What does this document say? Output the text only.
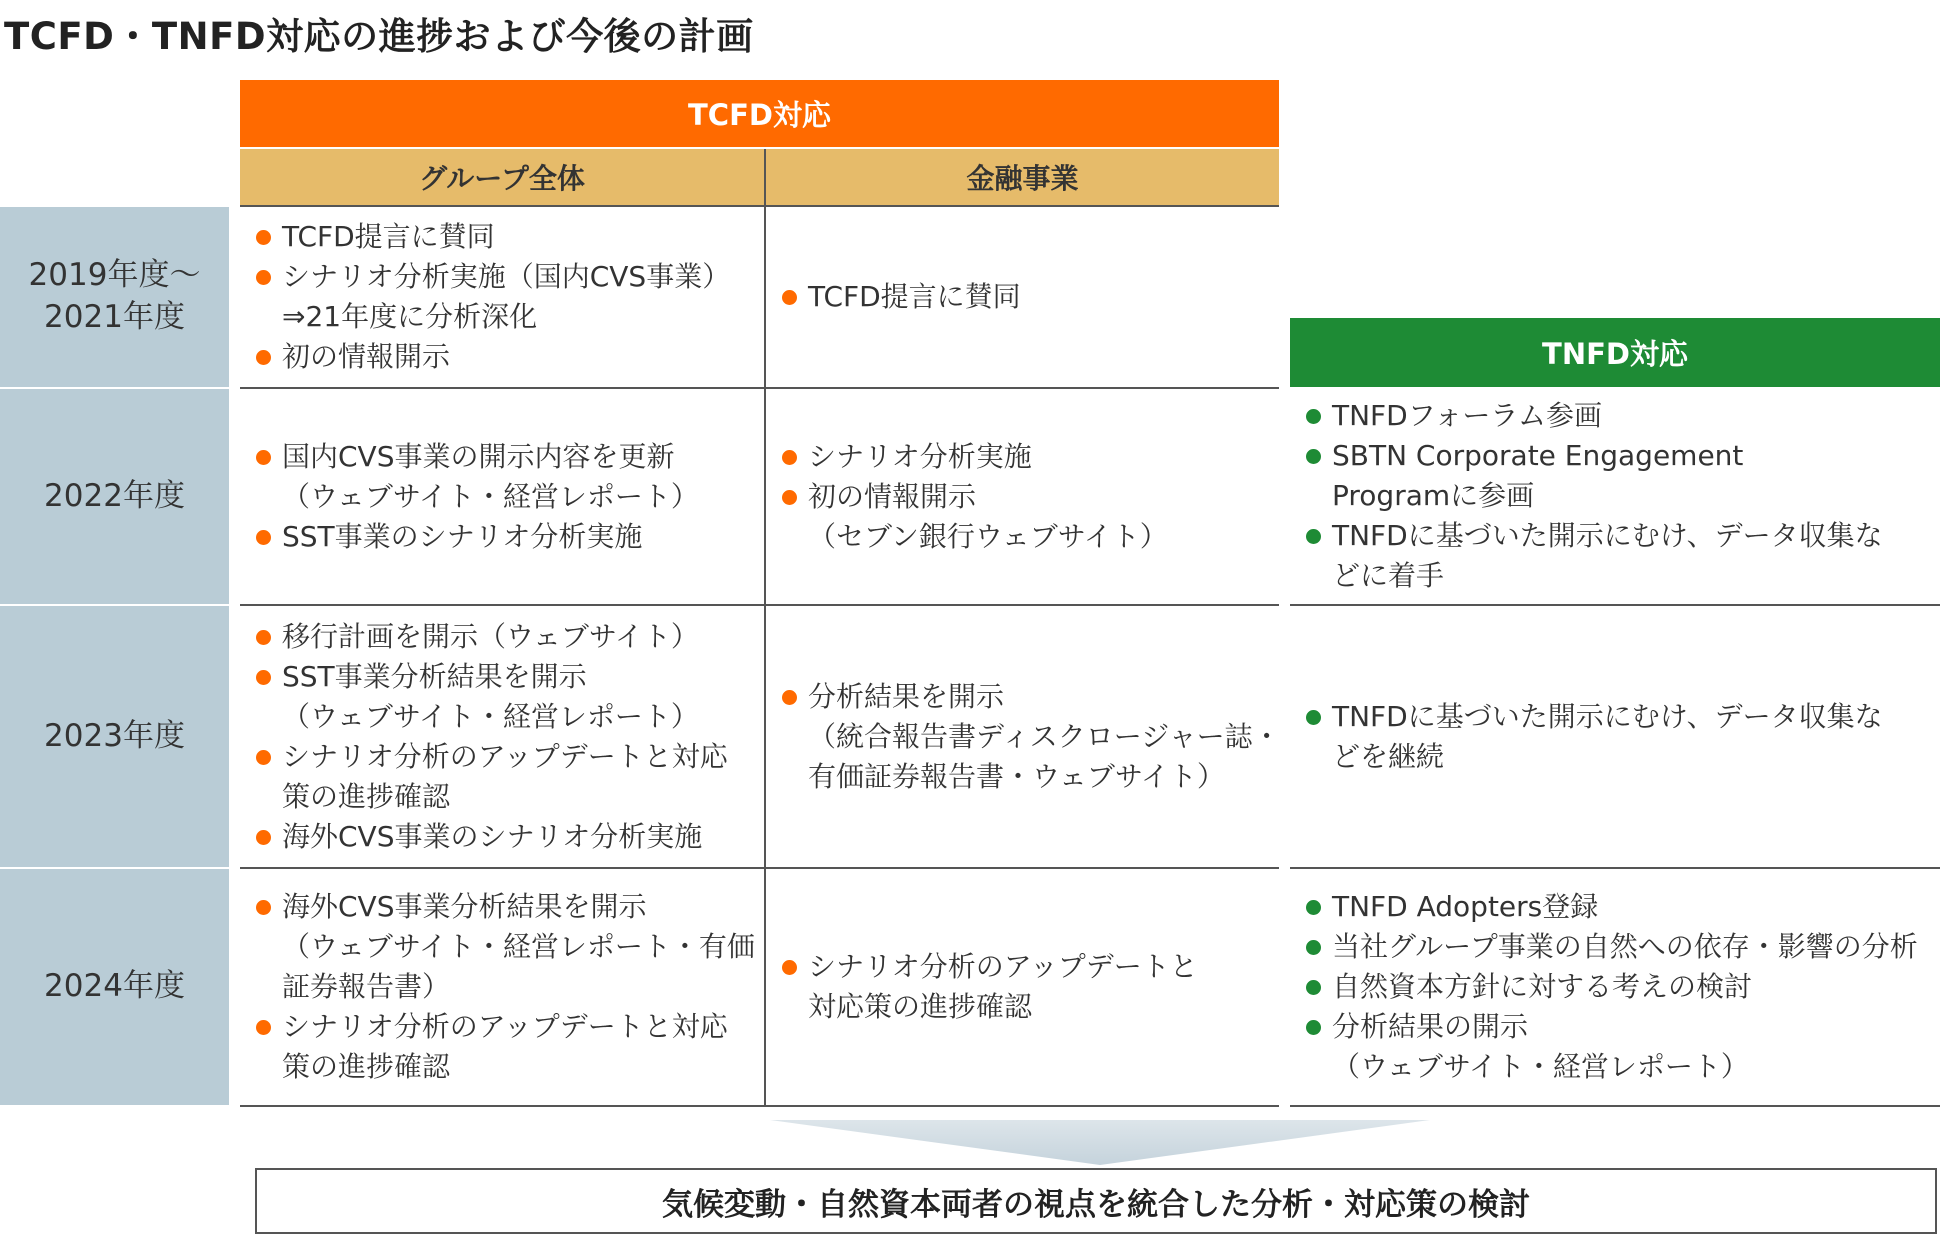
TCFD・TNFD対応の進捗および今後の計画
TCFD対応
グループ全体	金融事業
TNFD対応
2019年度〜
2021年度
TCFD提言に賛同
シナリオ分析実施（国内CVS事業）
⇒21年度に分析深化
初の情報開示
TCFD提言に賛同
2022年度
国内CVS事業の開示内容を更新
（ウェブサイト・経営レポート）
SST事業のシナリオ分析実施
シナリオ分析実施
初の情報開示
（セブン銀行ウェブサイト）
TNFDフォーラム参画
SBTN Corporate Engagement
Programに参画
TNFDに基づいた開示にむけ、データ収集な
どに着手
2023年度
移行計画を開示（ウェブサイト）
SST事業分析結果を開示
（ウェブサイト・経営レポート）
シナリオ分析のアップデートと対応
策の進捗確認
海外CVS事業のシナリオ分析実施
分析結果を開示
（統合報告書ディスクロージャー誌・
有価証券報告書・ウェブサイト）
TNFDに基づいた開示にむけ、データ収集な
どを継続
2024年度
海外CVS事業分析結果を開示
（ウェブサイト・経営レポート・有価
証券報告書）
シナリオ分析のアップデートと対応
策の進捗確認
シナリオ分析のアップデートと
対応策の進捗確認
TNFD Adopters登録
当社グループ事業の自然への依存・影響の分析
自然資本方針に対する考えの検討
分析結果の開示
（ウェブサイト・経営レポート）
気候変動・自然資本両者の視点を統合した分析・対応策の検討
